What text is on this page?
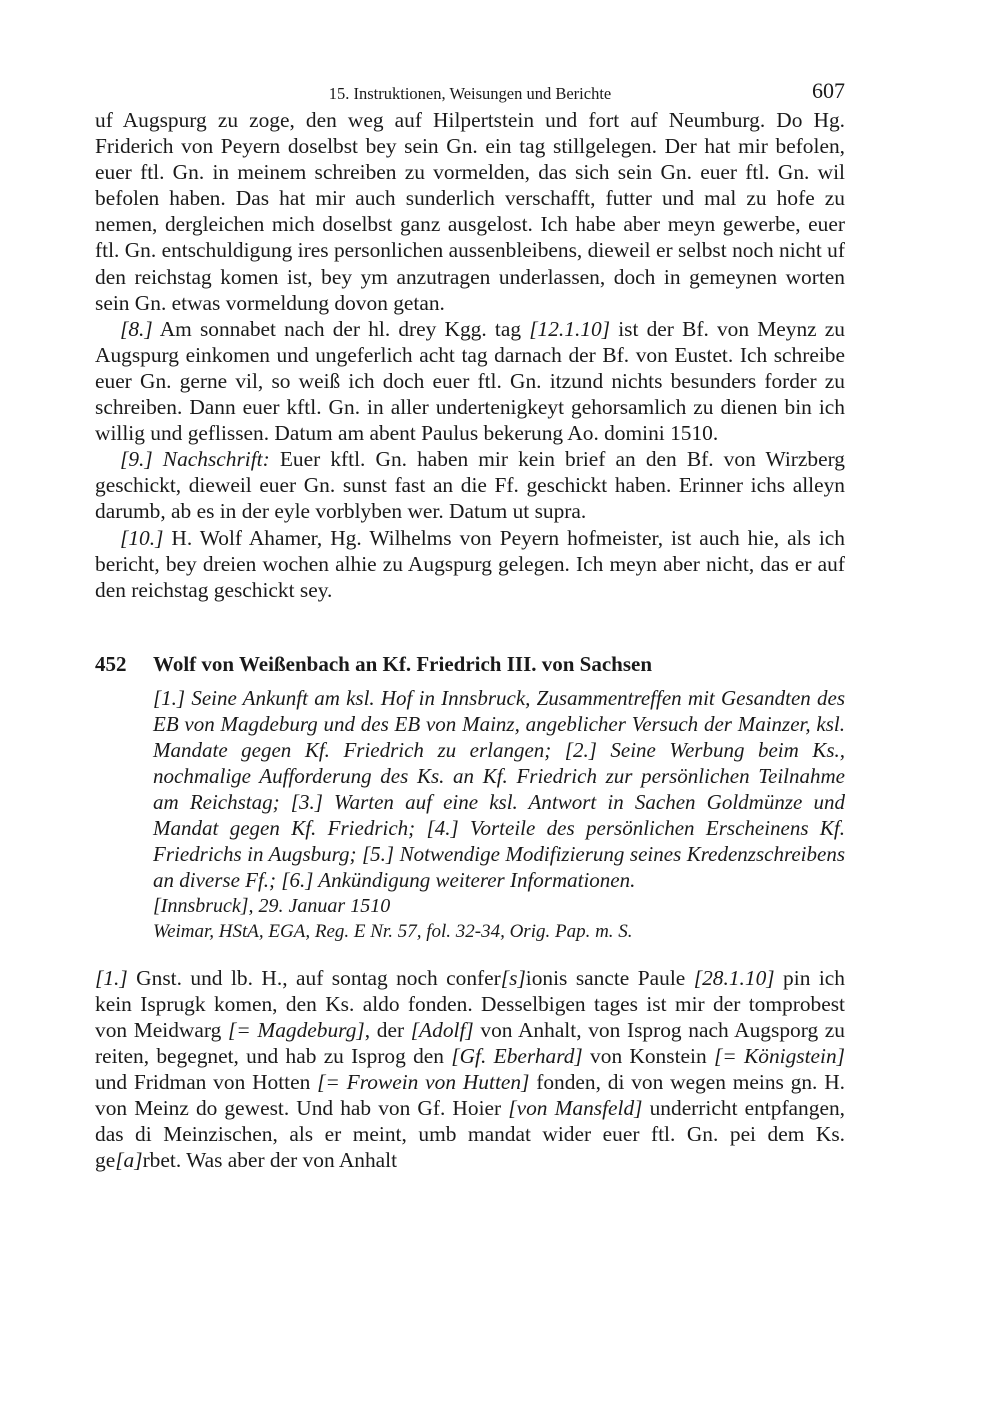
15. Instruktionen, Weisungen und Berichte	607

uf Augspurg zu zoge, den weg auf Hilpertstein und fort auf Neumburg. Do Hg. Friderich von Peyern doselbst bey sein Gn. ein tag stillgelegen. Der hat mir befolen, euer ftl. Gn. in meinem schreiben zu vormelden, das sich sein Gn. euer ftl. Gn. wil befolen haben. Das hat mir auch sunderlich verschafft, futter und mal zu hofe zu nemen, dergleichen mich doselbst ganz ausgelost. Ich habe aber meyn gewerbe, euer ftl. Gn. entschuldigung ires personlichen aussenbleibens, dieweil er selbst noch nicht uf den reichstag komen ist, bey ym anzutragen underlassen, doch in gemeynen worten sein Gn. etwas vormeldung dovon getan.

[8.] Am sonnabet nach der hl. drey Kgg. tag [12.1.10] ist der Bf. von Meynz zu Augspurg einkomen und ungeferlich acht tag darnach der Bf. von Eustet. Ich schreibe euer Gn. gerne vil, so weiß ich doch euer ftl. Gn. itzund nichts besunders forder zu schreiben. Dann euer kftl. Gn. in aller undertenigkeyt gehorsamlich zu dienen bin ich willig und geflissen. Datum am abent Paulus bekerung Ao. domini 1510.

[9.] Nachschrift: Euer kftl. Gn. haben mir kein brief an den Bf. von Wirzberg geschickt, dieweil euer Gn. sunst fast an die Ff. geschickt haben. Erinner ichs alleyn darumb, ab es in der eyle vorblyben wer. Datum ut supra.

[10.] H. Wolf Ahamer, Hg. Wilhelms von Peyern hofmeister, ist auch hie, als ich bericht, bey dreien wochen alhie zu Augspurg gelegen. Ich meyn aber nicht, das er auf den reichstag geschickt sey.

452	Wolf von Weißenbach an Kf. Friedrich III. von Sachsen

[1.] Seine Ankunft am ksl. Hof in Innsbruck, Zusammentreffen mit Gesandten des EB von Magdeburg und des EB von Mainz, angeblicher Versuch der Mainzer, ksl. Mandate gegen Kf. Friedrich zu erlangen; [2.] Seine Werbung beim Ks., nochmalige Aufforderung des Ks. an Kf. Friedrich zur persönlichen Teilnahme am Reichstag; [3.] Warten auf eine ksl. Antwort in Sachen Goldmünze und Mandat gegen Kf. Friedrich; [4.] Vorteile des persönlichen Erscheinens Kf. Friedrichs in Augsburg; [5.] Notwendige Modifizierung seines Kredenzschreibens an diverse Ff.; [6.] Ankündigung weiterer Informationen.

[Innsbruck], 29. Januar 1510

Weimar, HStA, EGA, Reg. E Nr. 57, fol. 32-34, Orig. Pap. m. S.

[1.] Gnst. und lb. H., auf sontag noch confer[s]ionis sancte Paule [28.1.10] pin ich kein Isprugk komen, den Ks. aldo fonden. Desselbigen tages ist mir der tomprobest von Meidwarg [= Magdeburg], der [Adolf] von Anhalt, von Isprog nach Augsporg zu reiten, begegnet, und hab zu Isprog den [Gf. Eberhard] von Konstein [= Königstein] und Fridman von Hotten [= Frowein von Hutten] fonden, di von wegen meins gn. H. von Meinz do gewest. Und hab von Gf. Hoier [von Mansfeld] underricht entpfangen, das di Meinzischen, als er meint, umb mandat wider euer ftl. Gn. pei dem Ks. ge[a]rbet. Was aber der von Anhalt
